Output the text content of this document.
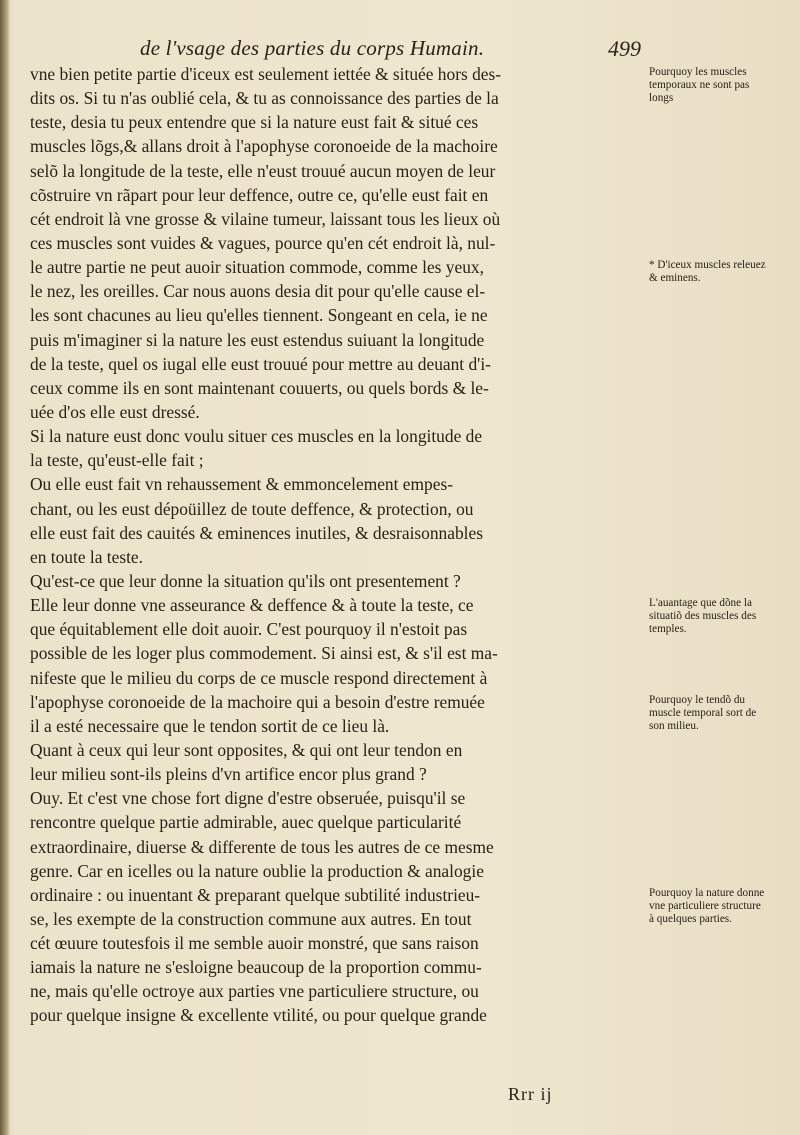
de l'vsage des parties du corps Humain.	499
vne bien petite partie d'iceux est seulement iettée & située hors des-
dits os. Si tu n'as oublié cela, & tu as connoissance des parties de la
teste, desia tu peux entendre que si la nature eust fait & situé ces
muscles lõgs,& allans droit à l'apophyse coronoeide de la machoire
selõ la longitude de la teste, elle n'eust trouué aucun moyen de leur
cõstruire vn rãpart pour leur deffence, outre ce, qu'elle eust fait en
cét endroit là vne grosse & vilaine tumeur, laissant tous les lieux où
ces muscles sont vuides & vagues, pource qu'en cét endroit là, nul-
le autre partie ne peut auoir situation commode, comme les yeux,
le nez, les oreilles. Car nous auons desia dit pour qu'elle cause el-
les sont chacunes au lieu qu'elles tiennent. Songeant en cela, ie ne
puis m'imaginer si la nature les eust estendus suiuant la longitude
de la teste, quel os iugal elle eust trouué pour mettre au deuant d'i-
ceux comme ils en sont maintenant couuerts, ou quels bords & le-
uée d'os elle eust dressé.
Si la nature eust donc voulu situer ces muscles en la longitude de
la teste, qu'eust-elle fait ;
Ou elle eust fait vn rehaussement & emmoncelement empes-
chant, ou les eust dépoüillez de toute deffence, & protection, ou
elle eust fait des cauités & eminences inutiles, & desraisonnables
en toute la teste.
Qu'est-ce que leur donne la situation qu'ils ont presentement ?
Elle leur donne vne asseurance & deffence & à toute la teste, ce
que équitablement elle doit auoir. C'est pourquoy il n'estoit pas
possible de les loger plus commodement. Si ainsi est, & s'il est ma-
nifeste que le milieu du corps de ce muscle respond directement à
l'apophyse coronoeide de la machoire qui a besoin d'estre remuée
il a esté necessaire que le tendon sortit de ce lieu là.
Quant à ceux qui leur sont opposites, & qui ont leur tendon en
leur milieu sont-ils pleins d'vn artifice encor plus grand ?
Ouy. Et c'est vne chose fort digne d'estre obseruée, puisqu'il se
rencontre quelque partie admirable, auec quelque particularité
extraordinaire, diuerse & differente de tous les autres de ce mesme
genre. Car en icelles ou la nature oublie la production & analogie
ordinaire : ou inuentant & preparant quelque subtilité industrieu-
se, les exempte de la construction commune aux autres. En tout
cét œuure toutesfois il me semble auoir monstré, que sans raison
iamais la nature ne s'esloigne beaucoup de la proportion commu-
ne, mais qu'elle octroye aux parties vne particuliere structure, ou
pour quelque insigne & excellente vtilité, ou pour quelque grande
Pourquoy les muscles temporaux ne sont pas longs
* D'iceux muscles releuez & eminens.
L'auantage que dõne la situatiõ des muscles des temples.
Pourquoy le tendõ du muscle temporal sort de son milieu.
Pourquoy la nature donne vne particuliere structure à quelques parties.
Rrr ij
